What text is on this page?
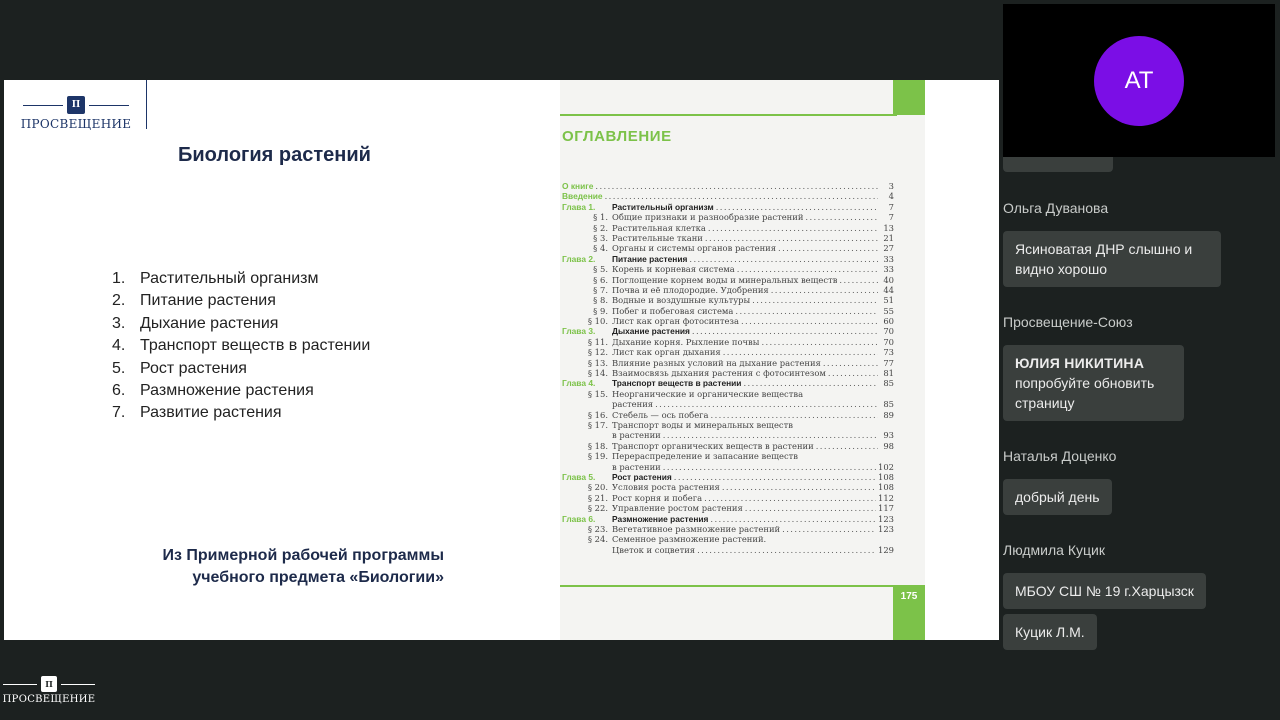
П
ПРОСВЕЩЕНИЕ
Биология растений
1. Растительный организм
2. Питание растения
3. Дыхание растения
4. Транспорт веществ в растении
5. Рост растения
6. Размножение растения
7. Развитие растения
Из Примерной рабочей программы
учебного предмета «Биологии»
ОГЛАВЛЕНИЕ
О книге .....	3
Введение .....	4
Глава 1.	Растительный организм .....	7
§ 1. Общие признаки и разнообразие растений .....	7
§ 2. Растительная клетка .....	13
§ 3. Растительные ткани .....	21
§ 4. Органы и системы органов растения .....	27
Глава 2.	Питание растения .....	33
§ 5. Корень и корневая система .....	33
§ 6. Поглощение корнем воды и минеральных веществ .....	40
§ 7. Почва и её плодородие. Удобрения .....	44
§ 8. Водные и воздушные культуры .....	51
§ 9. Побег и побеговая система .....	55
§ 10. Лист как орган фотосинтеза .....	60
Глава 3.	Дыхание растения .....	70
§ 11. Дыхание корня. Рыхление почвы .....	70
§ 12. Лист как орган дыхания .....	73
§ 13. Влияние разных условий на дыхание растения .....	77
§ 14. Взаимосвязь дыхания растения с фотосинтезом .....	81
Глава 4.	Транспорт веществ в растении .....	85
§ 15. Неорганические и органические вещества
растения .....	85
§ 16. Стебель — ось побега .....	89
§ 17. Транспорт воды и минеральных веществ
в растении .....	93
§ 18. Транспорт органических веществ в растении .....	98
§ 19. Перераспределение и запасание веществ
в растении .....	102
Глава 5.	Рост растения .....	108
§ 20. Условия роста растения .....	108
§ 21. Рост корня и побега .....	112
§ 22. Управление ростом растения .....	117
Глава 6.	Размножение растения .....	123
§ 23. Вегетативное размножение растений .....	123
§ 24. Семенное размножение растений.
Цветок и соцветия .....	129
175
П
ПРОСВЕЩЕНИЕ
Ольга Дуванова
Ясиноватая ДНР слышно и видно хорошо
Просвещение-Союз
ЮЛИЯ НИКИТИНА
попробуйте обновить страницу
Наталья Доценко
добрый день
Людмила Куцик
МБОУ СШ № 19 г.Харцызск
Куцик Л.М.
АТ
